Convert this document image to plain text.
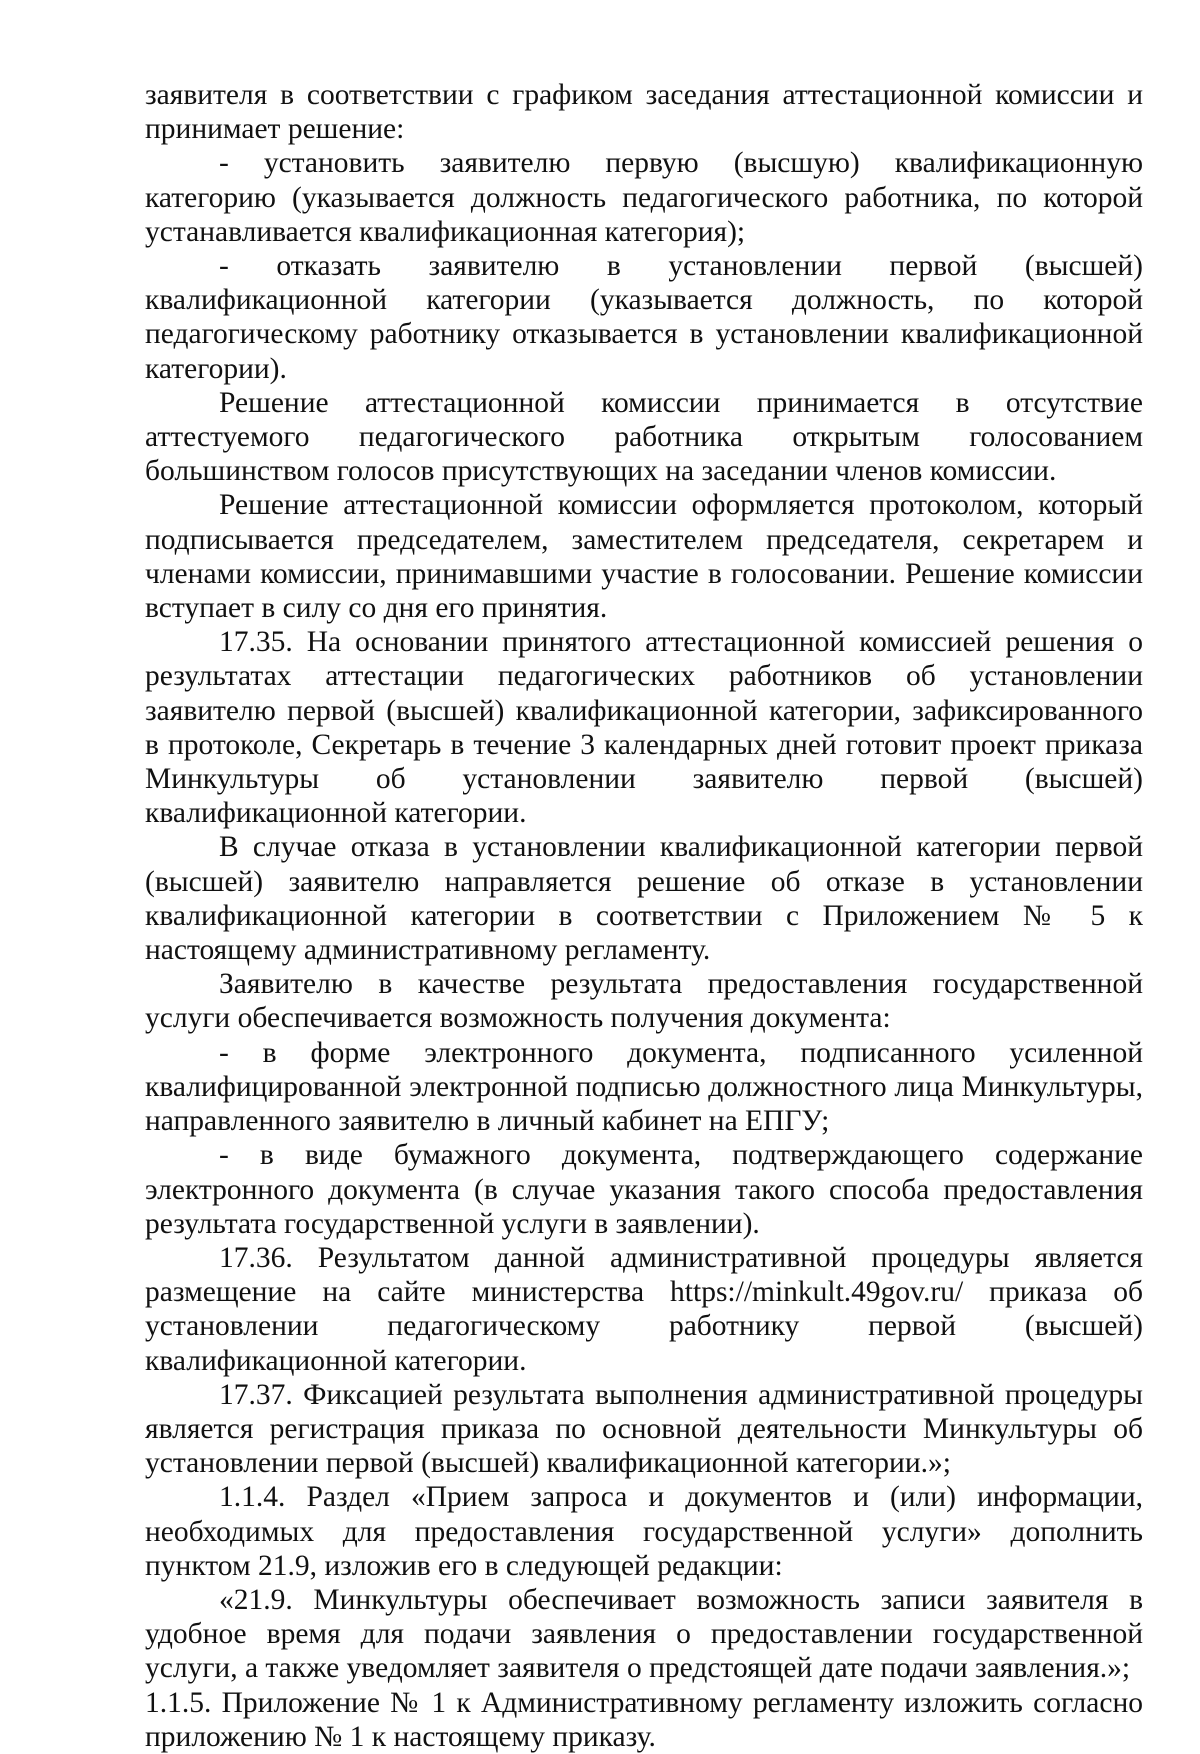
заявителя в соответствии с графиком заседания аттестационной комиссии и принимает решение:

- установить заявителю первую (высшую) квалификационную категорию (указывается должность педагогического работника, по которой устанавливается квалификационная категория);

- отказать заявителю в установлении первой (высшей) квалификационной категории (указывается должность, по которой педагогическому работнику отказывается в установлении квалификационной категории).

Решение аттестационной комиссии принимается в отсутствие аттестуемого педагогического работника открытым голосованием большинством голосов присутствующих на заседании членов комиссии.

Решение аттестационной комиссии оформляется протоколом, который подписывается председателем, заместителем председателя, секретарем и членами комиссии, принимавшими участие в голосовании. Решение комиссии вступает в силу со дня его принятия.

17.35. На основании принятого аттестационной комиссией решения о результатах аттестации педагогических работников об установлении заявителю первой (высшей) квалификационной категории, зафиксированного в протоколе, Секретарь в течение 3 календарных дней готовит проект приказа Минкультуры об установлении заявителю первой (высшей) квалификационной категории.

В случае отказа в установлении квалификационной категории первой (высшей) заявителю направляется решение об отказе в установлении квалификационной категории в соответствии с Приложением № 5 к настоящему административному регламенту.

Заявителю в качестве результата предоставления государственной услуги обеспечивается возможность получения документа:

- в форме электронного документа, подписанного усиленной квалифицированной электронной подписью должностного лица Минкультуры, направленного заявителю в личный кабинет на ЕПГУ;

- в виде бумажного документа, подтверждающего содержание электронного документа (в случае указания такого способа предоставления результата государственной услуги в заявлении).

17.36. Результатом данной административной процедуры является размещение на сайте министерства https://minkult.49gov.ru/ приказа об установлении педагогическому работнику первой (высшей) квалификационной категории.

17.37. Фиксацией результата выполнения административной процедуры является регистрация приказа по основной деятельности Минкультуры об установлении первой (высшей) квалификационной категории.»;

1.1.4. Раздел «Прием запроса и документов и (или) информации, необходимых для предоставления государственной услуги» дополнить пунктом 21.9, изложив его в следующей редакции:

«21.9. Минкультуры обеспечивает возможность записи заявителя в удобное время для подачи заявления о предоставлении государственной услуги, а также уведомляет заявителя о предстоящей дате подачи заявления.»;

1.1.5. Приложение № 1 к Административному регламенту изложить согласно приложению № 1 к настоящему приказу.
